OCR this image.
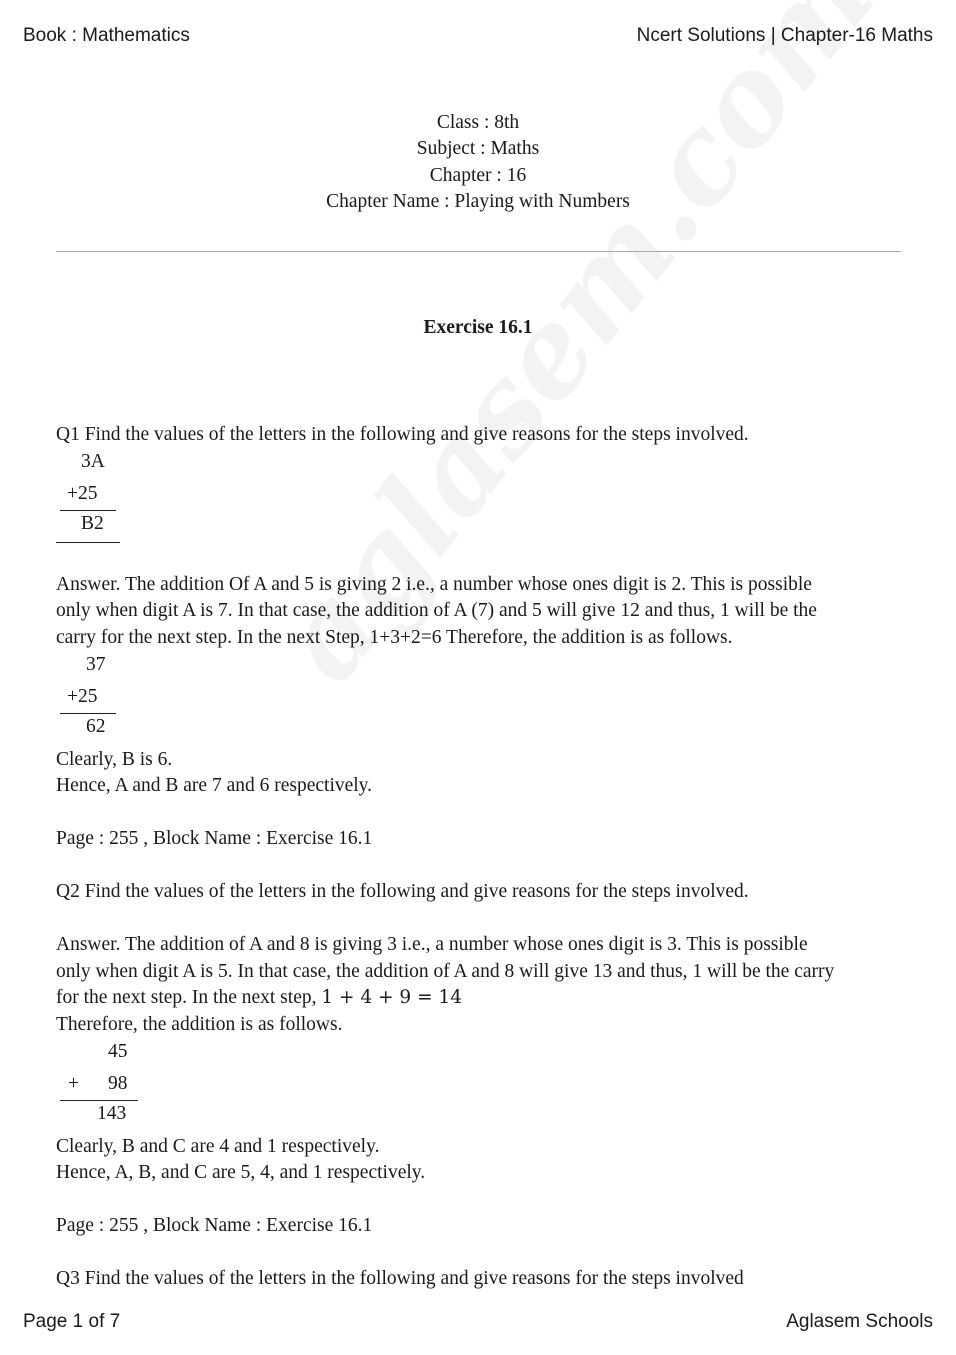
Book : Mathematics	Ncert Solutions | Chapter-16 Maths
Class : 8th
Subject : Maths
Chapter : 16
Chapter Name : Playing with Numbers
Exercise 16.1
Q1 Find the values of the letters in the following and give reasons for the steps involved.
3A
+25
B2
Answer. The addition Of A and 5 is giving 2 i.e., a number whose ones digit is 2. This is possible
only when digit A is 7. In that case, the addition of A (7) and 5 will give 12 and thus, 1 will be the
carry for the next step. In the next Step, 1+3+2=6 Therefore, the addition is as follows.
37
+25
62
Clearly, B is 6.
Hence, A and B are 7 and 6 respectively.
Page : 255 , Block Name : Exercise 16.1
Q2 Find the values of the letters in the following and give reasons for the steps involved.
Answer. The addition of A and 8 is giving 3 i.e., a number whose ones digit is 3. This is possible
only when digit A is 5. In that case, the addition of A and 8 will give 13 and thus, 1 will be the carry
for the next step. In the next step, 1 + 4 + 9 = 14
Therefore, the addition is as follows.
45
+ 98
143
Clearly, B and C are 4 and 1 respectively.
Hence, A, B, and C are 5, 4, and 1 respectively.
Page : 255 , Block Name : Exercise 16.1
Q3 Find the values of the letters in the following and give reasons for the steps involved
Page 1 of 7	Aglasem Schools
